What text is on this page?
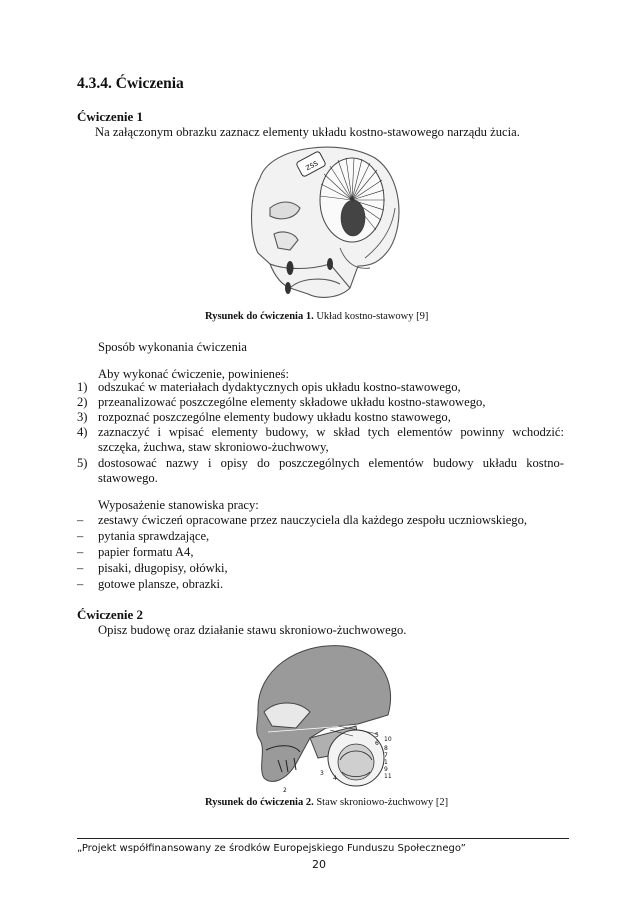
4.3.4. Ćwiczenia
Ćwiczenie 1
Na załączonym obrazku zaznacz elementy układu kostno-stawowego narządu żucia.
ZSS
Rysunek do ćwiczenia 1. Układ kostno-stawowy [9]
Sposób wykonania ćwiczenia
Aby wykonać ćwiczenie, powinieneś:
1) odszukać w materiałach dydaktycznych opis układu kostno-stawowego,
2) przeanalizować poszczególne elementy składowe układu kostno-stawowego,
3) rozpoznać poszczególne elementy budowy układu kostno stawowego,
4) zaznaczyć i wpisać elementy budowy, w skład tych elementów powinny wchodzić:
szczęka, żuchwa, staw skroniowo-żuchwowy,
5) dostosować nazwy i opisy do poszczególnych elementów budowy układu kostno-
stawowego.
Wyposażenie stanowiska pracy:
– zestawy ćwiczeń opracowane przez nauczyciela dla każdego zespołu uczniowskiego,
– pytania sprawdzające,
– papier formatu A4,
– pisaki, długopisy, ołówki,
– gotowe plansze, obrazki.
Ćwiczenie 2
Opisz budowę oraz działanie stawu skroniowo-żuchwowego.
5
10
6
8
7
1
9
11
4
3
2
Rysunek do ćwiczenia 2. Staw skroniowo-żuchwowy [2]
„Projekt współfinansowany ze środków Europejskiego Funduszu Społecznego”
20
